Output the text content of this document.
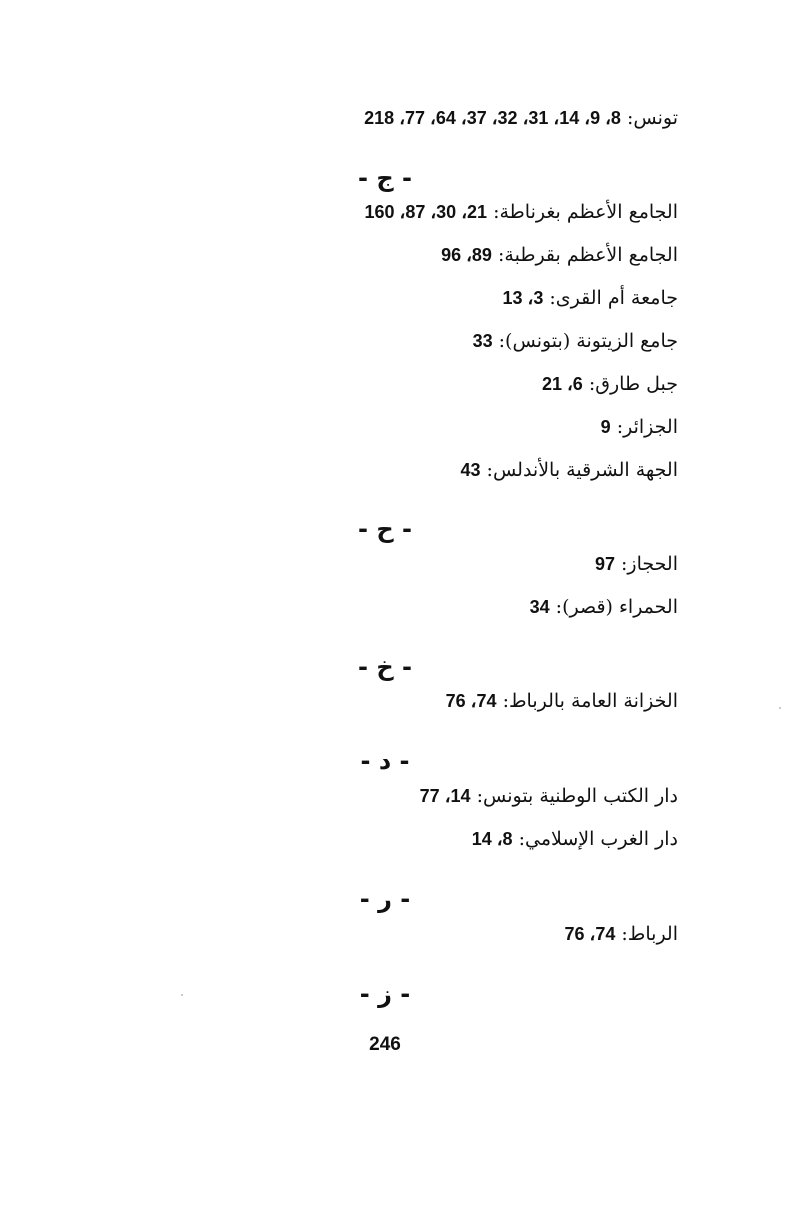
تونس: 8، 9، 14، 31، 32، 37، 64، 77، 218
- ج -
الجامع الأعظم بغرناطة: 21، 30، 87، 160
الجامع الأعظم بقرطبة: 89، 96
جامعة أم القرى: 3، 13
جامع الزيتونة (بتونس): 33
جبل طارق: 6، 21
الجزائر: 9
الجهة الشرقية بالأندلس: 43
- ح -
الحجاز: 97
الحمراء (قصر): 34
- خ -
الخزانة العامة بالرباط: 74، 76
- د -
دار الكتب الوطنية بتونس: 14، 77
دار الغرب الإسلامي: 8، 14
- ر -
الرباط: 74، 76
- ز -
246
